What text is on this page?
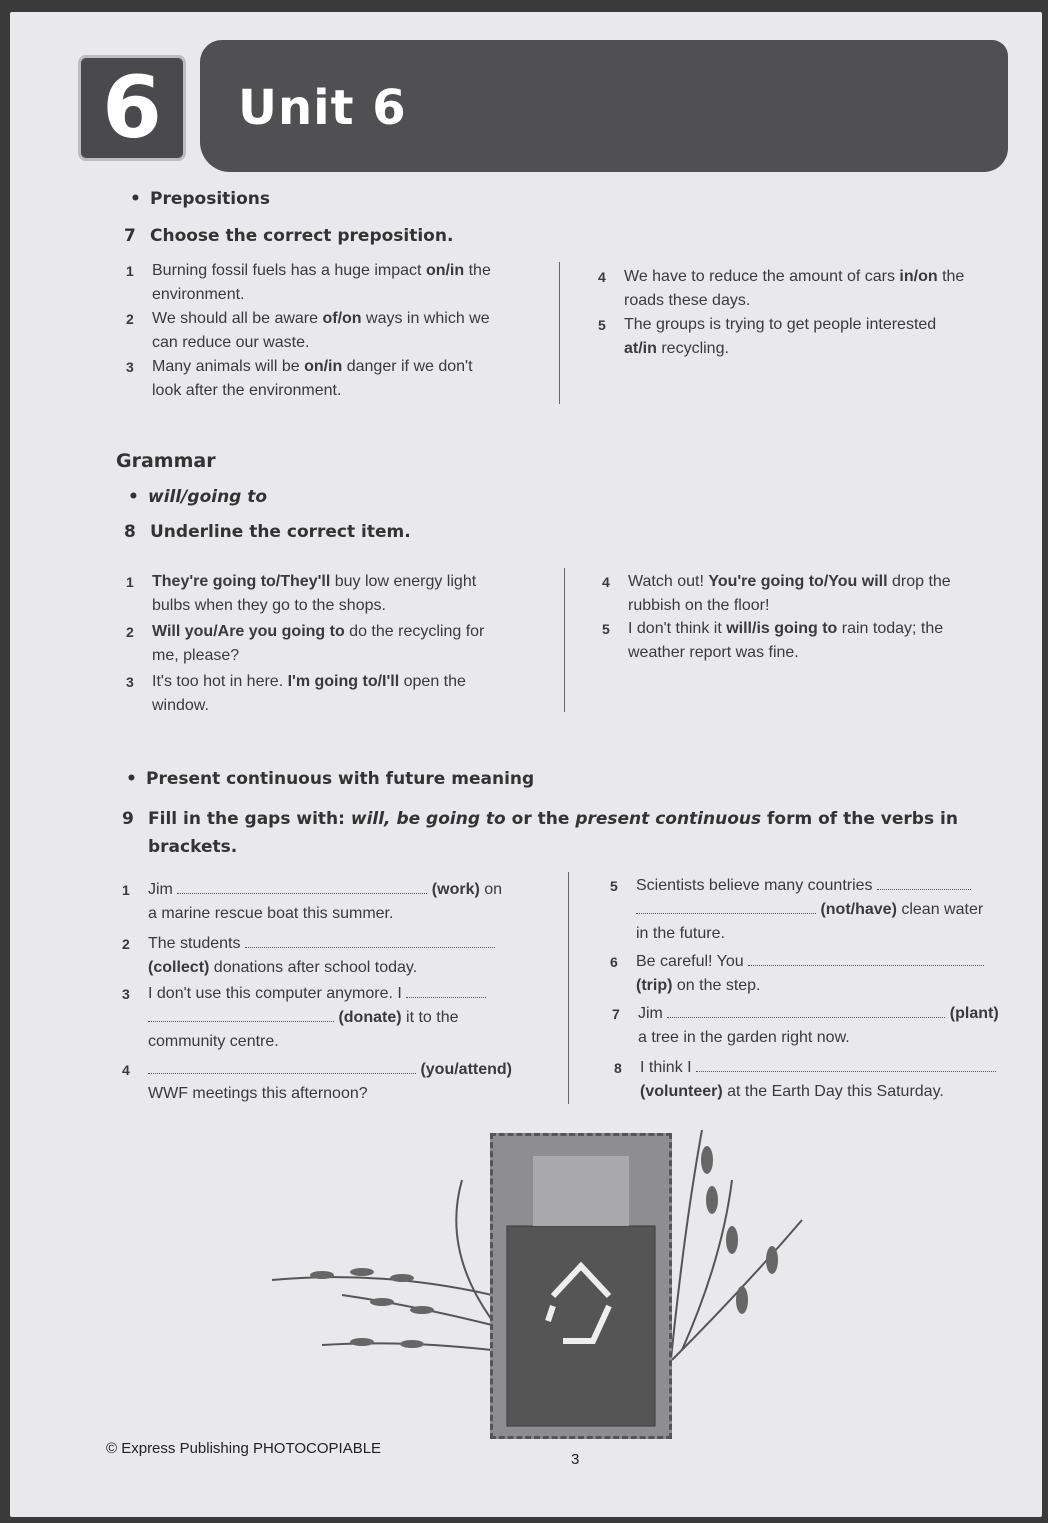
6	Unit 6
• Prepositions
7 Choose the correct preposition.
1 Burning fossil fuels has a huge impact on/in the
environment.
2 We should all be aware of/on ways in which we
can reduce our waste.
3 Many animals will be on/in danger if we don't
look after the environment.
4 We have to reduce the amount of cars in/on the
roads these days.
5 The groups is trying to get people interested
at/in recycling.
Grammar
• will/going to
8 Underline the correct item.
1 They're going to/They'll buy low energy light
bulbs when they go to the shops.
2 Will you/Are you going to do the recycling for
me, please?
3 It's too hot in here. I'm going to/I'll open the
window.
4 Watch out! You're going to/You will drop the
rubbish on the floor!
5 I don't think it will/is going to rain today; the
weather report was fine.
• Present continuous with future meaning
9 Fill in the gaps with: will, be going to or the present continuous form of the verbs in
brackets.
1 Jim	(work) on
a marine rescue boat this summer.
2 The students
(collect) donations after school today.
3 I don't use this computer anymore. I
(donate) it to the
community centre.
4	(you/attend)
WWF meetings this afternoon?
5 Scientists believe many countries
(not/have) clean water
in the future.
6 Be careful! You
(trip) on the step.
7 Jim	(plant)
a tree in the garden right now.
8 I think I
(volunteer) at the Earth Day this Saturday.
© Express Publishing PHOTOCOPIABLE
3
